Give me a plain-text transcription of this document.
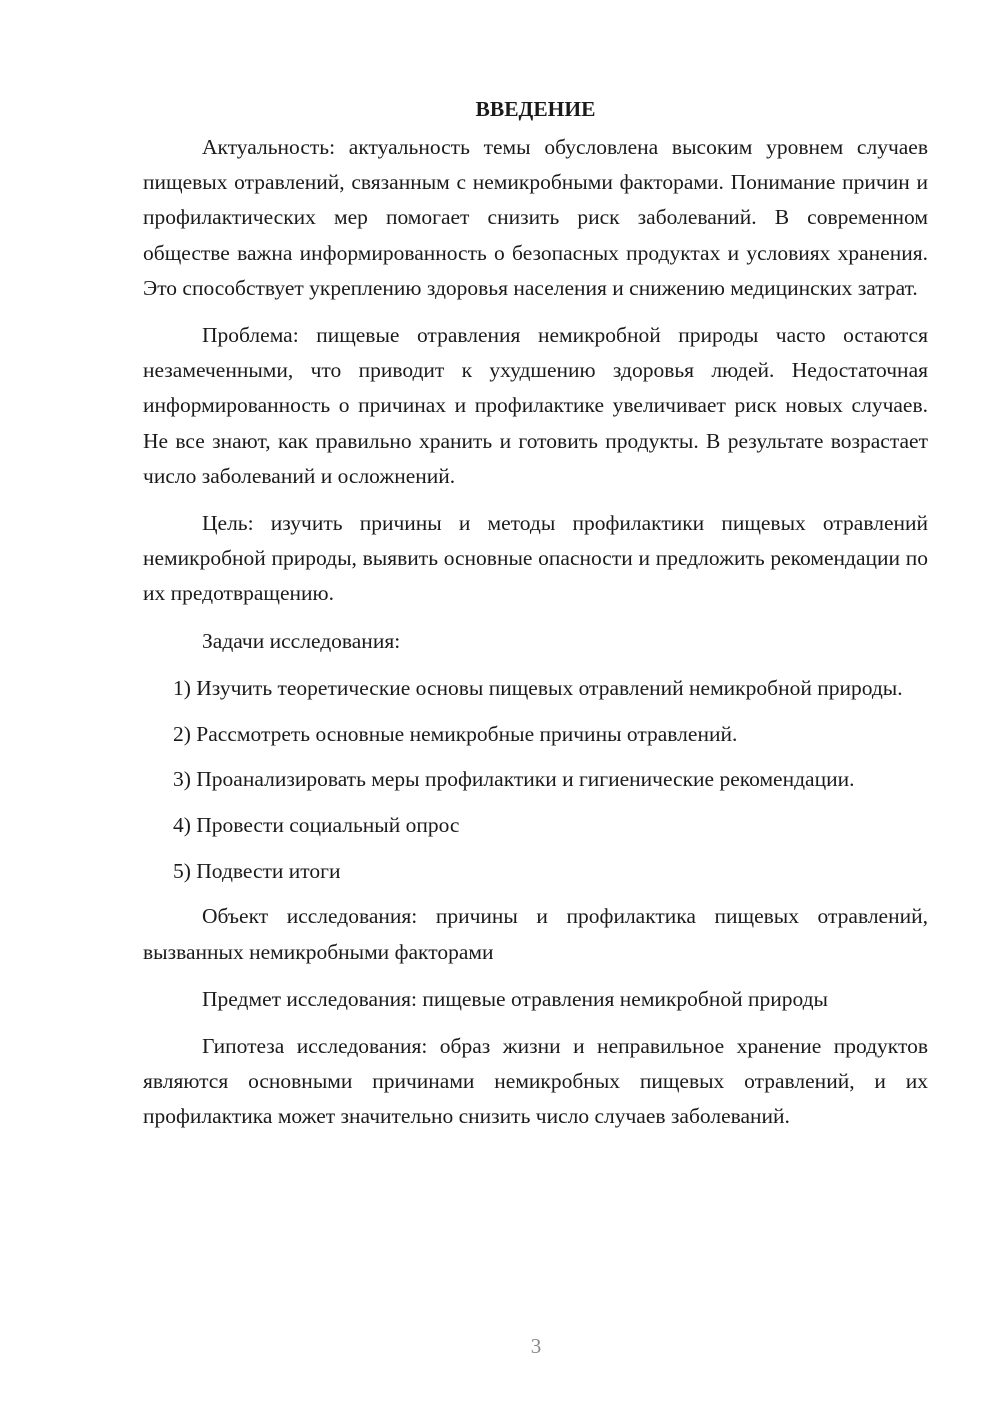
ВВЕДЕНИЕ

Актуальность: актуальность темы обусловлена высоким уровнем случаев пищевых отравлений, связанным с немикробными факторами. Понимание причин и профилактических мер помогает снизить риск заболеваний. В современном обществе важна информированность о безопасных продуктах и условиях хранения. Это способствует укреплению здоровья населения и снижению медицинских затрат.

Проблема: пищевые отравления немикробной природы часто остаются незамеченными, что приводит к ухудшению здоровья людей. Недостаточная информированность о причинах и профилактике увеличивает риск новых случаев. Не все знают, как правильно хранить и готовить продукты. В результате возрастает число заболеваний и осложнений.

Цель: изучить причины и методы профилактики пищевых отравлений немикробной природы, выявить основные опасности и предложить рекомендации по их предотвращению.

Задачи исследования:

1) Изучить теоретические основы пищевых отравлений немикробной природы.

2) Рассмотреть основные немикробные причины отравлений.

3) Проанализировать меры профилактики и гигиенические рекомендации.

4) Провести социальный опрос

5) Подвести итоги

Объект исследования: причины и профилактика пищевых отравлений, вызванных немикробными факторами

Предмет исследования: пищевые отравления немикробной природы

Гипотеза исследования: образ жизни и неправильное хранение продуктов являются основными причинами немикробных пищевых отравлений, и их профилактика может значительно снизить число случаев заболеваний.

3
